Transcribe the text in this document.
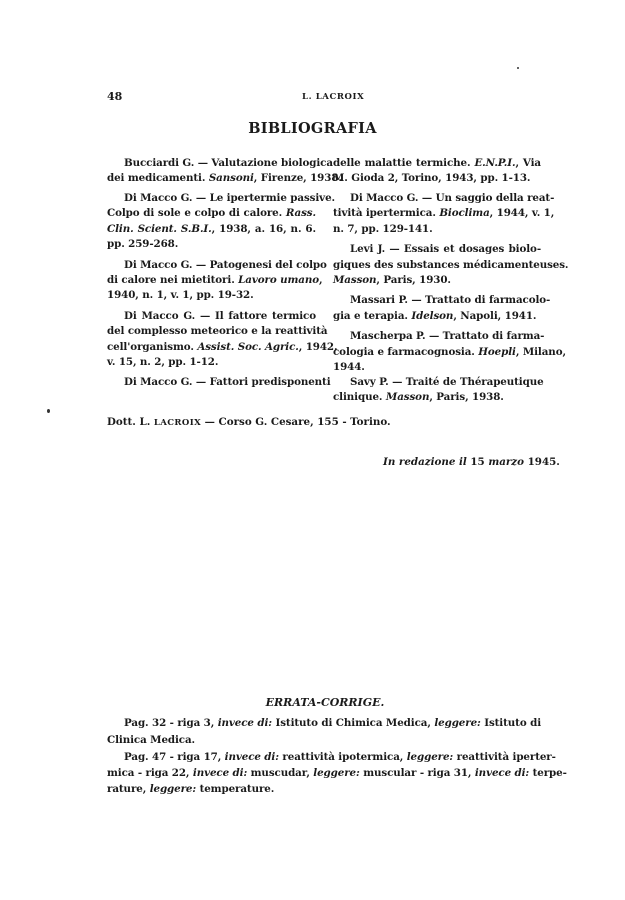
48	L. LACROIX
BIBLIOGRAFIA
Bucciardi G. — Valutazione biologica
dei medicamenti. Sansoni, Firenze, 1938.
Di Macco G. — Le ipertermie passive.
Colpo di sole e colpo di calore. Rass.
Clin. Scient. S.B.I., 1938, a. 16, n. 6.
pp. 259-268.
Di Macco G. — Patogenesi del colpo
di calore nei mietitori. Lavoro umano,
1940, n. 1, v. 1, pp. 19-32.
Di Macco G. — Il fattore termico
del complesso meteorico e la reattività
cell'organismo. Assist. Soc. Agric., 1942.
v. 15, n. 2, pp. 1-12.
Di Macco G. — Fattori predisponenti
delle malattie termiche. E.N.P.I., Via
M. Gioda 2, Torino, 1943, pp. 1-13.
Di Macco G. — Un saggio della reat-
tività ipertermica. Bioclima, 1944, v. 1,
n. 7, pp. 129-141.
Levi J. — Essais et dosages biolo-
giques des substances médicamenteuses.
Masson, Paris, 1930.
Massari P. — Trattato di farmacolo-
gia e terapia. Idelson, Napoli, 1941.
Mascherpa P. — Trattato di farma-
cologia e farmacognosia. Hoepli, Milano,
1944.
Savy P. — Traité de Thérapeutique
clinique. Masson, Paris, 1938.
Dott. L. LACROIX — Corso G. Cesare, 155 - Torino.
In redazione il 15 marzo 1945.
ERRATA-CORRIGE.
Pag. 32 - riga 3, invece di: Istituto di Chimica Medica, leggere: Istituto di
Clinica Medica.
Pag. 47 - riga 17, invece di: reattività ipotermica, leggere: reattività iperter-
mica - riga 22, invece di: muscudar, leggere: muscular - riga 31, invece di: terpe-
rature, leggere: temperature.
